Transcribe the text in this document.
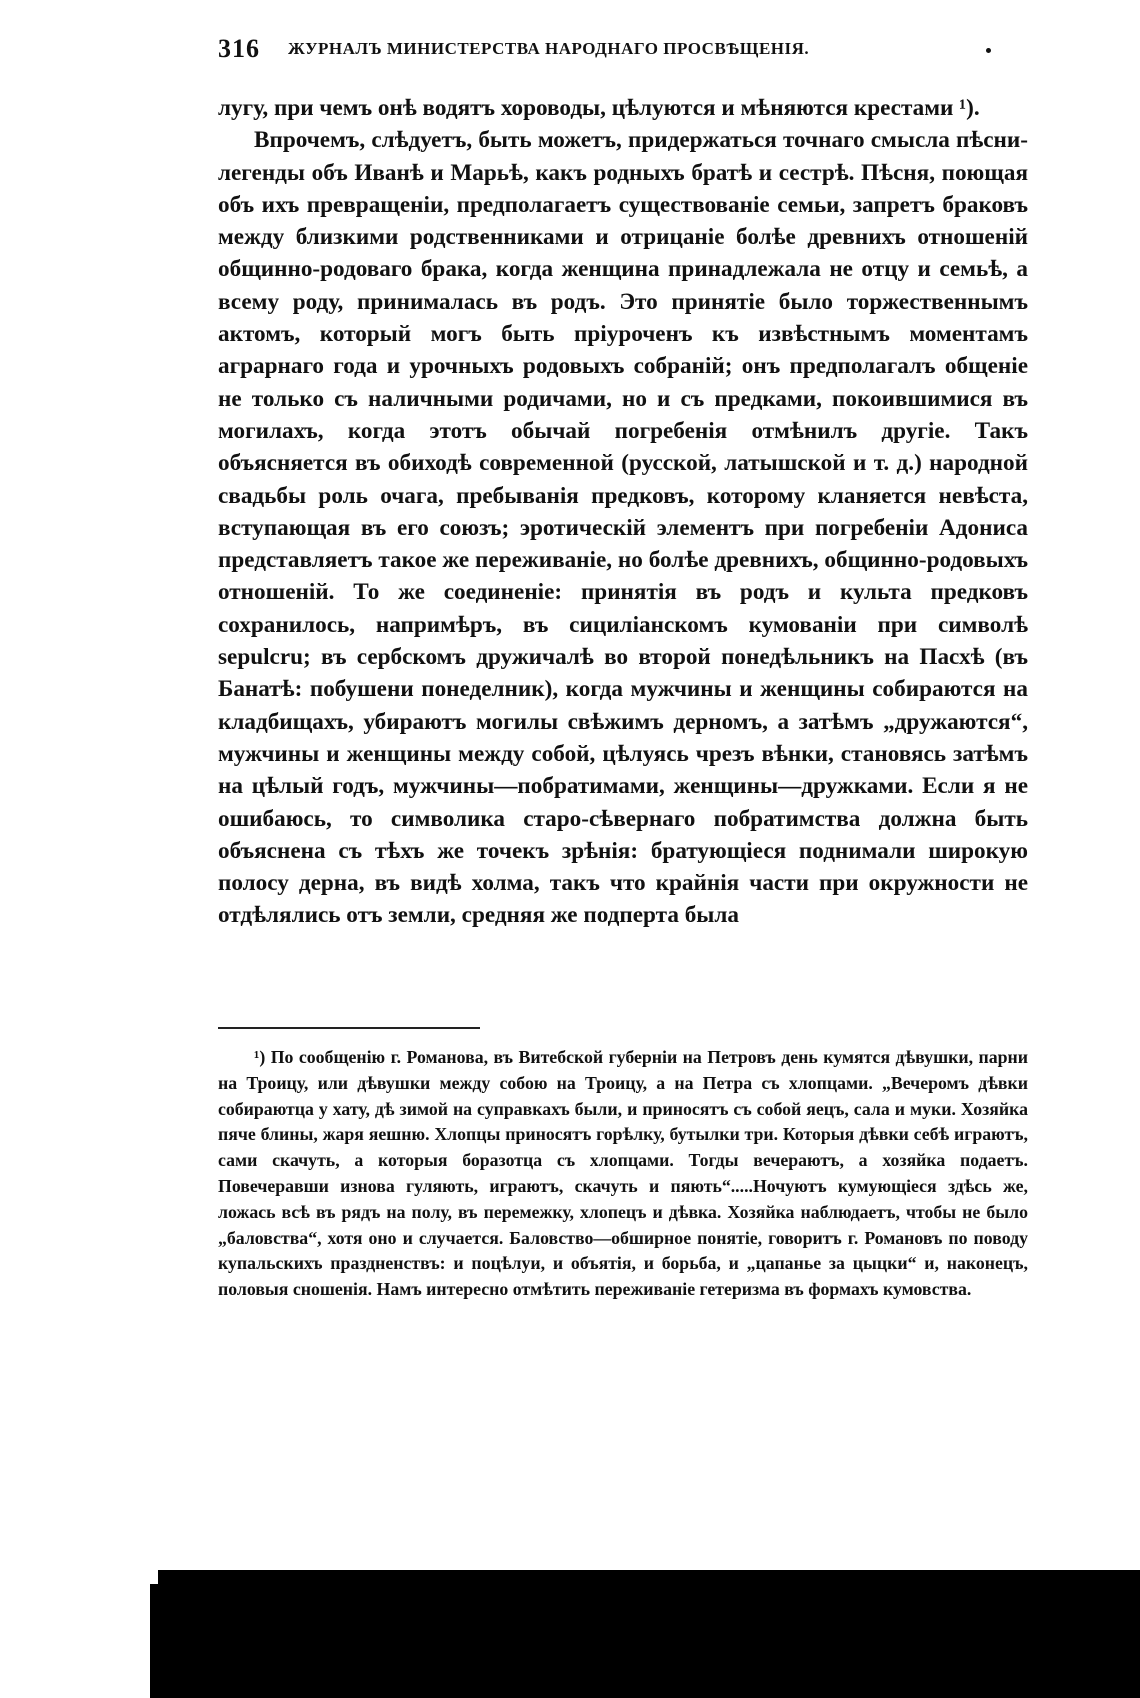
316 ЖУРНАЛЪ МИНИСТЕРСТВА НАРОДНАГО ПРОСВѢЩЕНІЯ.

лугу, при чемъ онѣ водятъ хороводы, цѣлуются и мѣняются крестами ¹).

Впрочемъ, слѣдуетъ, быть можетъ, придержаться точнаго смысла пѣсни-легенды объ Иванѣ и Марьѣ, какъ родныхъ братѣ и сестрѣ. Пѣсня, поющая объ ихъ превращеніи, предполагаетъ существованіе семьи, запретъ браковъ между близкими родственниками и отрицаніе болѣе древнихъ отношеній общинно-родоваго брака, когда женщина принадлежала не отцу и семьѣ, а всему роду, принималась въ родъ. Это принятіе было торжественнымъ актомъ, который могъ быть пріуроченъ къ извѣстнымъ моментамъ аграрнаго года и урочныхъ родовыхъ собраній; онъ предполагалъ общеніе не только съ наличными родичами, но и съ предками, покоившимися въ могилахъ, когда этотъ обычай погребенія отмѣнилъ другіе. Такъ объясняется въ обиходѣ современной (русской, латышской и т. д.) народной свадьбы роль очага, пребыванія предковъ, которому кланяется невѣста, вступающая въ его союзъ; эротическій элементъ при погребеніи Адониса представляетъ такое же переживаніе, но болѣе древнихъ, общинно-родовыхъ отношеній. То же соединеніе: принятія въ родъ и культа предковъ сохранилось, напримѣръ, въ сициліанскомъ кумованіи при символѣ sepulcru; въ сербскомъ дружичалѣ во второй понедѣльникъ на Пасхѣ (въ Банатѣ: побушени понеделник), когда мужчины и женщины собираются на кладбищахъ, убираютъ могилы свѣжимъ дерномъ, а затѣмъ „дружаются“, мужчины и женщины между собой, цѣлуясь чрезъ вѣнки, становясь затѣмъ на цѣлый годъ, мужчины—побратимами, женщины—дружками. Если я не ошибаюсь, то символика старо-сѣвернаго побратимства должна быть объяснена съ тѣхъ же точекъ зрѣнія: братующіеся поднимали широкую полосу дерна, въ видѣ холма, такъ что крайнія части при окружности не отдѣлялись отъ земли, средняя же подперта была

¹) По сообщенію г. Романова, въ Витебской губерніи на Петровъ день кумятся дѣвушки, парни на Троицу, или дѣвушки между собою на Троицу, а на Петра съ хлопцами. „Вечеромъ дѣвки собираютца у хату, дѣ зимой на суправкахъ были, и приносятъ съ собой яецъ, сала и муки. Хозяйка пяче блины, жаря яешню. Хлопцы приносятъ горѣлку, бутылки три. Которыя дѣвки себѣ играютъ, сами скачуть, а которыя боразотца съ хлопцами. Тогды вечераютъ, а хозяйка подаетъ. Повечеравши изнова гуляють, играютъ, скачуть и пяють“.....Ночуютъ кумующіеся здѣсь же, ложась всѣ въ рядъ на полу, въ перемежку, хлопецъ и дѣвка. Хозяйка наблюдаетъ, чтобы не было „баловства“, хотя оно и случается. Баловство—обширное понятіе, говоритъ г. Романовъ по поводу купальскихъ праздненствъ: и поцѣлуи, и объятія, и борьба, и „цапанье за цыцки“ и, наконецъ, половыя сношенія. Намъ интересно отмѣтить переживаніе гетеризма въ формахъ кумовства.
